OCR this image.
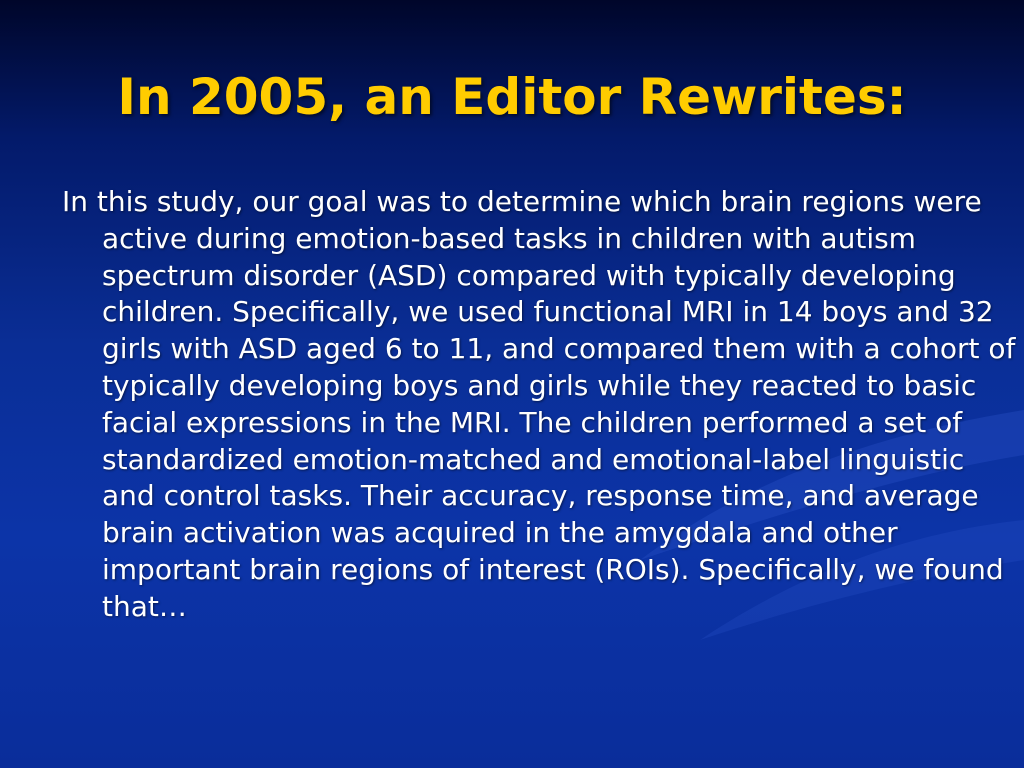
In 2005, an Editor Rewrites:

In this study, our goal was to determine which brain regions were active during emotion-based tasks in children with autism spectrum disorder (ASD) compared with typically developing children. Specifically, we used functional MRI in 14 boys and 32 girls with ASD aged 6 to 11, and compared them with a cohort of typically developing boys and girls while they reacted to basic facial expressions in the MRI. The children performed a set of standardized emotion-matched and emotional-label linguistic and control tasks. Their accuracy, response time, and average brain activation was acquired in the amygdala and other important brain regions of interest (ROIs). Specifically, we found that…
